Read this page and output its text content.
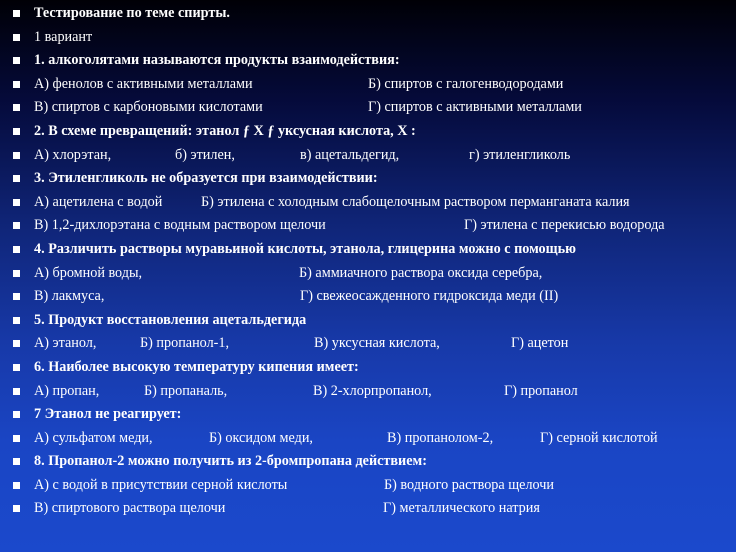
Тестирование по теме спирты.
1 вариант
1. алкоголятами называются продукты взаимодействия:
А) фенолов с активными металлами	Б) спиртов с галогенводородами
В) спиртов с карбоновыми кислотами	Г) спиртов с активными металлами
2. В схеме превращений: этанол ƒ Х ƒ уксусная кислота, Х :
А) хлорэтан,	б) этилен,	в) ацетальдегид,	г) этиленгликоль
3. Этиленгликоль не образуется при взаимодействии:
А) ацетилена с водой	Б) этилена с холодным слабощелочным раствором перманганата калия
В) 1,2-дихлорэтана с водным раствором щелочи	Г) этилена с перекисью водорода
4. Различить растворы муравьиной кислоты, этанола, глицерина можно с помощью
А) бромной воды,	Б) аммиачного раствора оксида серебра,
В) лакмуса,	Г) свежеосажденного гидроксида меди (II)
5. Продукт восстановления ацетальдегида
А) этанол,	Б) пропанол-1,	В) уксусная кислота,	Г) ацетон
6. Наиболее высокую температуру кипения имеет:
А) пропан,	Б) пропаналь,	В) 2-хлорпропанол,	Г) пропанол
7 Этанол не реагирует:
А) сульфатом меди,	Б) оксидом меди,	В) пропанолом-2,	Г) серной кислотой
8. Пропанол-2 можно получить из 2-бромпропана действием:
А) с водой в присутствии серной кислоты	Б) водного раствора щелочи
В) спиртового раствора щелочи	Г) металлического натрия
